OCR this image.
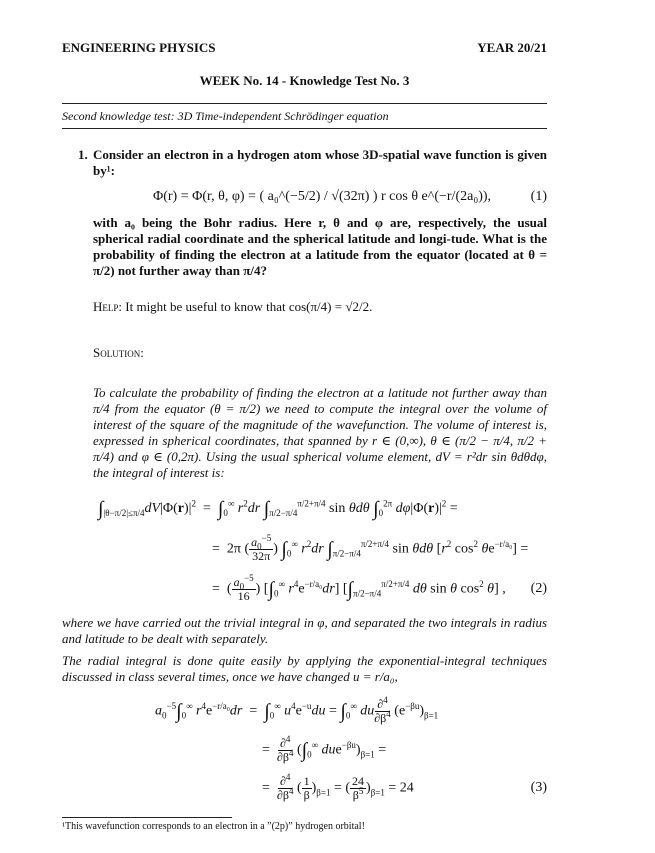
ENGINEERING PHYSICS	YEAR 20/21
WEEK No. 14 - Knowledge Test No. 3
Second knowledge test: 3D Time-independent Schrödinger equation
1. Consider an electron in a hydrogen atom whose 3D-spatial wave function is given by¹:
Φ(r) = Φ(r, θ, φ) = ( a₀^(−5/2) / √(32π) ) r cos θ e^(−r/(2a₀)),	(1)
with a₀ being the Bohr radius. Here r, θ and φ are, respectively, the usual spherical radial coordinate and the spherical latitude and longi-tude. What is the probability of finding the electron at a latitude from the equator (located at θ = π/2) not further away than π/4?
Help: It might be useful to know that cos(π/4) = √2/2.
Solution:
To calculate the probability of finding the electron at a latitude not further away than π/4 from the equator (θ = π/2) we need to compute the integral over the volume of interest of the square of the magnitude of the wavefunction. The volume of interest is, expressed in spherical coordinates, that spanned by r ∈ (0,∞), θ ∈ (π/2 − π/4, π/2 + π/4) and φ ∈ (0,2π). Using the usual spherical volume element, dV = r²dr sin θdθdφ, the integral of interest is:
$\int_{|\theta-\pi/2|\le\pi/4}dV|\Phi(r)|^2 = \int_0^\infty$ $r^2dr$ $\int_{\pi/2-\pi/4}^{\pi/2+\pi/4}$ sin θdθ $\int_0^{2\pi}$ $d\varphi|\Phi(r)|^2$ =
=  2π ( $\frac{a_0^{-5}}{32\pi}$ ) $\int_0^\infty$ $r^2dr$ $\int_{\pi/2-\pi/4}^{\pi/2+\pi/4}$ sin θdθ [$r^2$ $\cos^2 \theta e^{-r/a_0}$] =
=  ( $\frac{a_0^{-5}}{16}$ ) [$\int_0^\infty$ $r^4e^{-r/a_0}dr$] [$\int_{\pi/2-\pi/4}^{\pi/2+\pi/4}$ dθ sin θ $\cos^2 \theta$] ,	(2)
where we have carried out the trivial integral in φ, and separated the two integrals in radius and latitude to be dealt with separately.
The radial integral is done quite easily by applying the exponential-integral techniques discussed in class several times, once we have changed u = r/a₀,
$a_0^{-5}\int_0^\infty$ $r^4e^{-r/a_0}dr = \int_0^\infty$ $u^4e^{-u}du = \int_0^\infty$ du $\frac{\partial^4}{\partial\beta^4} (e^{-\beta u})_{\beta=1}$
= $\frac{\partial^4}{\partial\beta^4} (\int_0^\infty$ $due^{-\beta u})_{\beta=1}$ =
= $\frac{\partial^4}{\partial\beta^4}$ ( $\frac{1}{\beta} )_{\beta=1}$ = ( $\frac{24}{\beta^5} )_{\beta=1} = 24$	(3)
¹This wavefunction corresponds to an electron in a ”(2p)” hydrogen orbital!
